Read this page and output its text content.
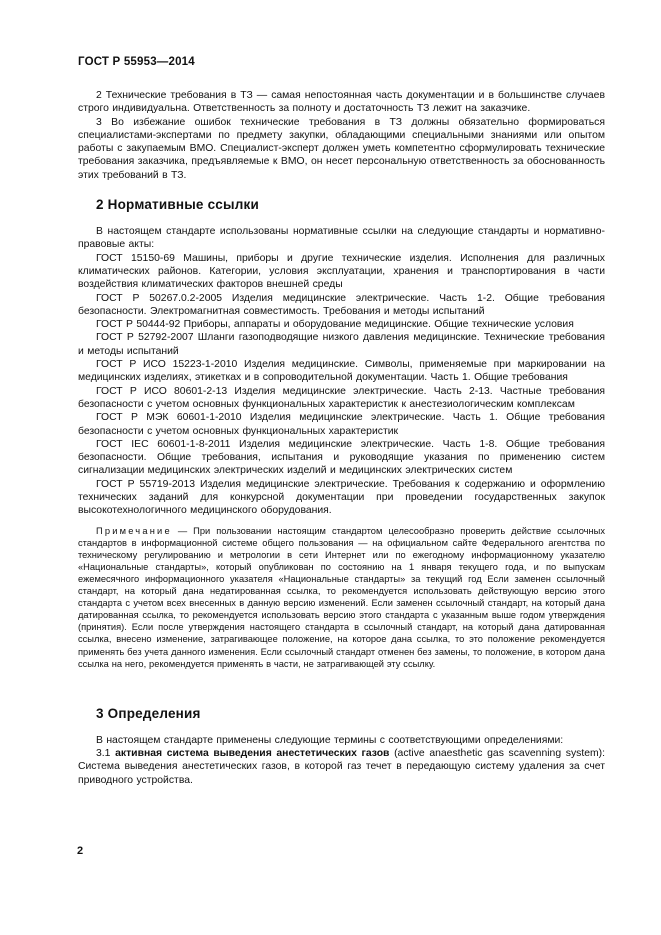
ГОСТ Р 55953—2014

2 Технические требования в ТЗ — самая непостоянная часть документации и в большинстве случаев строго индивидуальна. Ответственность за полноту и достаточность ТЗ лежит на заказчике.

3 Во избежание ошибок технические требования в ТЗ должны обязательно формироваться специалистами-экспертами по предмету закупки, обладающими специальными знаниями или опытом работы с закупаемым ВМО. Специалист-эксперт должен уметь компетентно сформулировать технические требования заказчика, предъявляемые к ВМО, он несет персональную ответственность за обоснованность этих требований в ТЗ.

2 Нормативные ссылки

В настоящем стандарте использованы нормативные ссылки на следующие стандарты и нормативно-правовые акты:

ГОСТ 15150-69 Машины, приборы и другие технические изделия. Исполнения для различных климатических районов. Категории, условия эксплуатации, хранения и транспортирования в части воздействия климатических факторов внешней среды

ГОСТ Р 50267.0.2-2005 Изделия медицинские электрические. Часть 1-2. Общие требования безопасности. Электромагнитная совместимость. Требования и методы испытаний

ГОСТ Р 50444-92 Приборы, аппараты и оборудование медицинские. Общие технические условия

ГОСТ Р 52792-2007 Шланги газоподводящие низкого давления медицинские. Технические требования и методы испытаний

ГОСТ Р ИСО 15223-1-2010 Изделия медицинские. Символы, применяемые при маркировании на медицинских изделиях, этикетках и в сопроводительной документации. Часть 1. Общие требования

ГОСТ Р ИСО 80601-2-13 Изделия медицинские электрические. Часть 2-13. Частные требования безопасности с учетом основных функциональных характеристик к анестезиологическим комплексам

ГОСТ Р МЭК 60601-1-2010 Изделия медицинские электрические. Часть 1. Общие требования безопасности с учетом основных функциональных характеристик

ГОСТ IEC 60601-1-8-2011 Изделия медицинские электрические. Часть 1-8. Общие требования безопасности. Общие требования, испытания и руководящие указания по применению систем сигнализации медицинских электрических изделий и медицинских электрических систем

ГОСТ Р 55719-2013 Изделия медицинские электрические. Требования к содержанию и оформлению технических заданий для конкурсной документации при проведении государственных закупок высокотехнологичного медицинского оборудования.

Примечание — При пользовании настоящим стандартом целесообразно проверить действие ссылочных стандартов в информационной системе общего пользования — на официальном сайте Федерального агентства по техническому регулированию и метрологии в сети Интернет или по ежегодному информационному указателю «Национальные стандарты», который опубликован по состоянию на 1 января текущего года, и по выпускам ежемесячного информационного указателя «Национальные стандарты» за текущий год Если заменен ссылочный стандарт, на который дана недатированная ссылка, то рекомендуется использовать действующую версию этого стандарта с учетом всех внесенных в данную версию изменений. Если заменен ссылочный стандарт, на который дана датированная ссылка, то рекомендуется использовать версию этого стандарта с указанным выше годом утверждения (принятия). Если после утверждения настоящего стандарта в ссылочный стандарт, на который дана датированная ссылка, внесено изменение, затрагивающее положение, на которое дана ссылка, то это положение рекомендуется применять без учета данного изменения. Если ссылочный стандарт отменен без замены, то положение, в котором дана ссылка на него, рекомендуется применять в части, не затрагивающей эту ссылку.

3 Определения

В настоящем стандарте применены следующие термины с соответствующими определениями:

3.1 активная система выведения анестетических газов (active anaesthetic gas scavenning system): Система выведения анестетических газов, в которой газ течет в передающую систему удаления за счет приводного устройства.

2
